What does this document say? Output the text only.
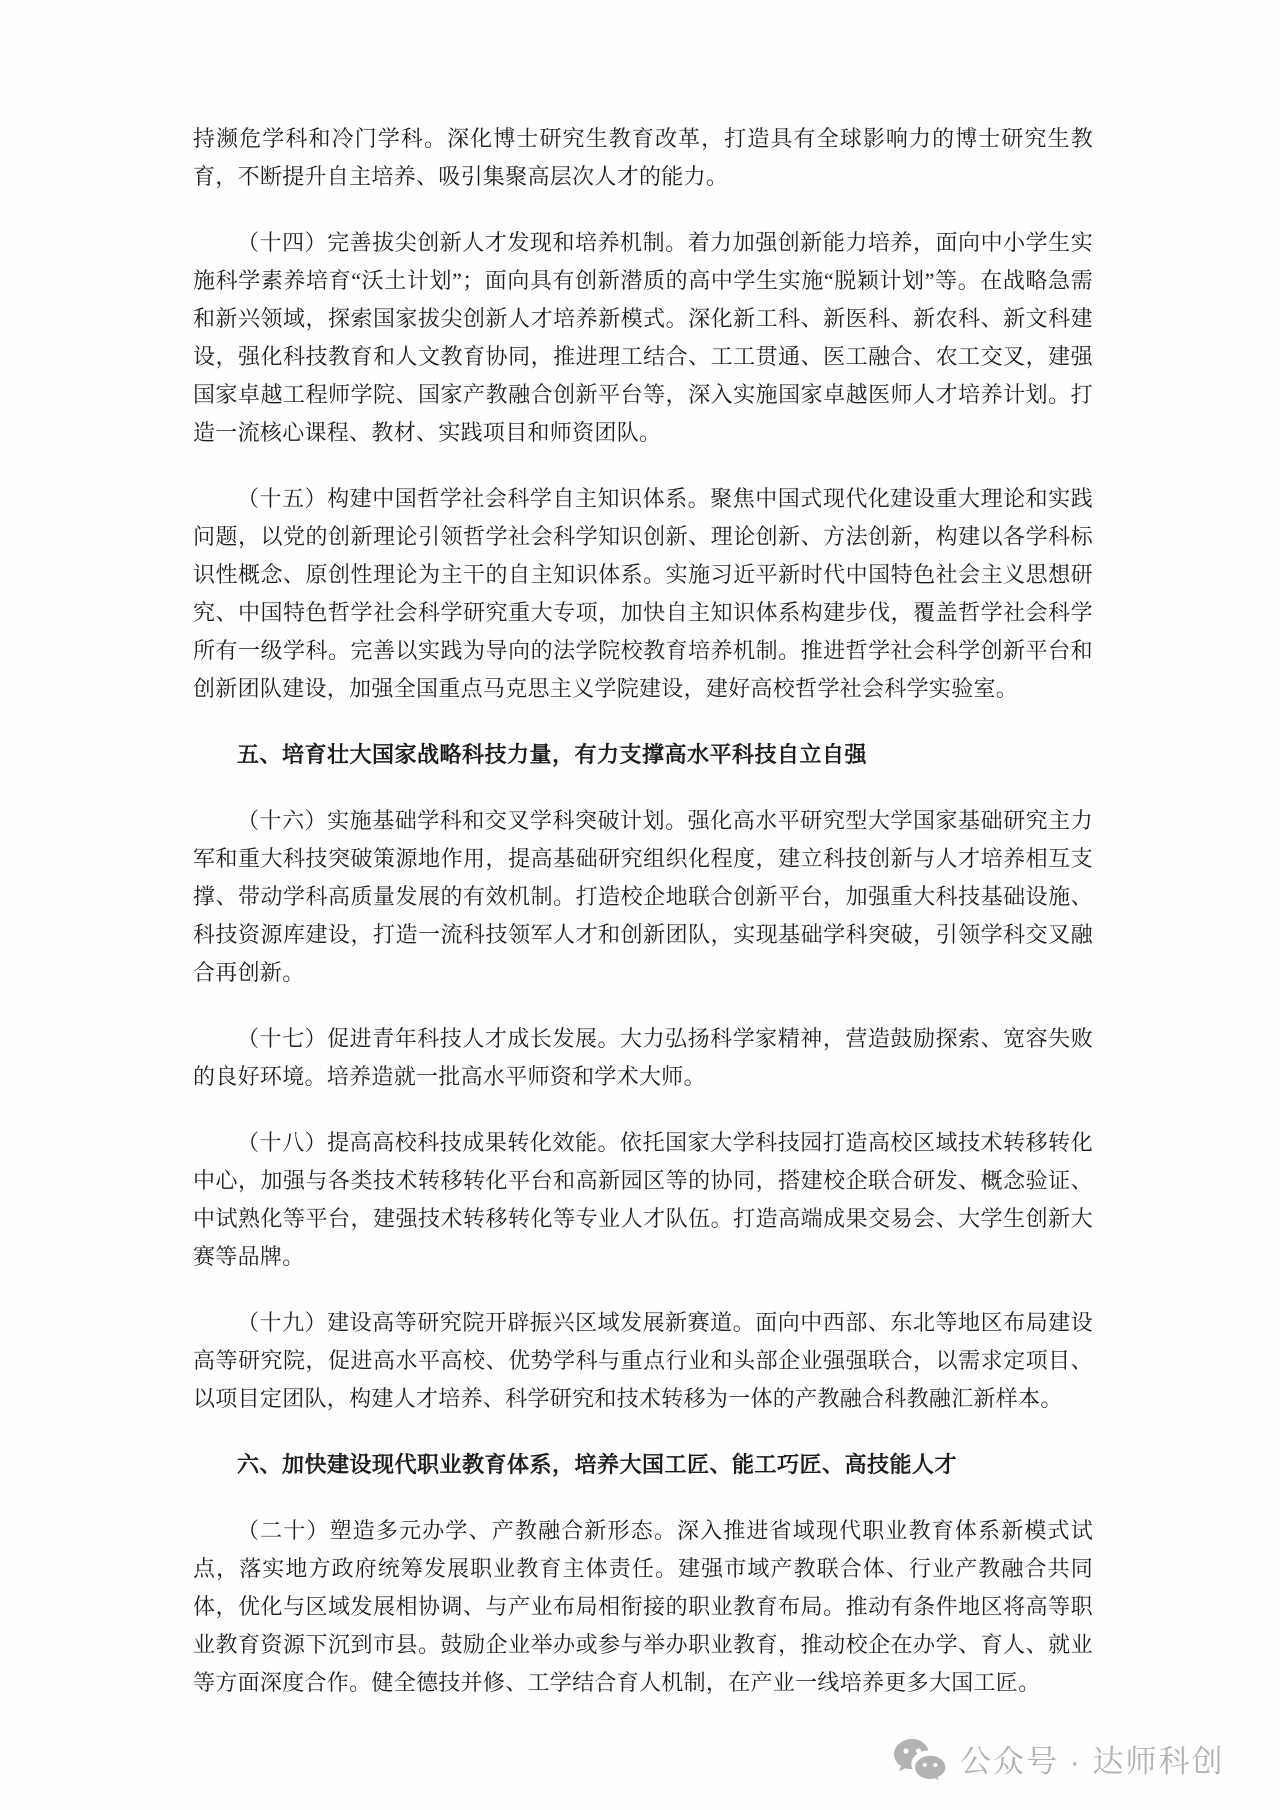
持濒危学科和冷门学科。深化博士研究生教育改革，打造具有全球影响力的博士研究生教育，不断提升自主培养、吸引集聚高层次人才的能力。

（十四）完善拔尖创新人才发现和培养机制。着力加强创新能力培养，面向中小学生实施科学素养培育“沃土计划”；面向具有创新潜质的高中学生实施“脱颖计划”等。在战略急需和新兴领域，探索国家拔尖创新人才培养新模式。深化新工科、新医科、新农科、新文科建设，强化科技教育和人文教育协同，推进理工结合、工工贯通、医工融合、农工交叉，建强国家卓越工程师学院、国家产教融合创新平台等，深入实施国家卓越医师人才培养计划。打造一流核心课程、教材、实践项目和师资团队。

（十五）构建中国哲学社会科学自主知识体系。聚焦中国式现代化建设重大理论和实践问题，以党的创新理论引领哲学社会科学知识创新、理论创新、方法创新，构建以各学科标识性概念、原创性理论为主干的自主知识体系。实施习近平新时代中国特色社会主义思想研究、中国特色哲学社会科学研究重大专项，加快自主知识体系构建步伐，覆盖哲学社会科学所有一级学科。完善以实践为导向的法学院校教育培养机制。推进哲学社会科学创新平台和创新团队建设，加强全国重点马克思主义学院建设，建好高校哲学社会科学实验室。

五、培育壮大国家战略科技力量，有力支撑高水平科技自立自强

（十六）实施基础学科和交叉学科突破计划。强化高水平研究型大学国家基础研究主力军和重大科技突破策源地作用，提高基础研究组织化程度，建立科技创新与人才培养相互支撑、带动学科高质量发展的有效机制。打造校企地联合创新平台，加强重大科技基础设施、科技资源库建设，打造一流科技领军人才和创新团队，实现基础学科突破，引领学科交叉融合再创新。

（十七）促进青年科技人才成长发展。大力弘扬科学家精神，营造鼓励探索、宽容失败的良好环境。培养造就一批高水平师资和学术大师。

（十八）提高高校科技成果转化效能。依托国家大学科技园打造高校区域技术转移转化中心，加强与各类技术转移转化平台和高新园区等的协同，搭建校企联合研发、概念验证、中试熟化等平台，建强技术转移转化等专业人才队伍。打造高端成果交易会、大学生创新大赛等品牌。

（十九）建设高等研究院开辟振兴区域发展新赛道。面向中西部、东北等地区布局建设高等研究院，促进高水平高校、优势学科与重点行业和头部企业强强联合，以需求定项目、以项目定团队，构建人才培养、科学研究和技术转移为一体的产教融合科教融汇新样本。

六、加快建设现代职业教育体系，培养大国工匠、能工巧匠、高技能人才

（二十）塑造多元办学、产教融合新形态。深入推进省域现代职业教育体系新模式试点，落实地方政府统筹发展职业教育主体责任。建强市域产教联合体、行业产教融合共同体，优化与区域发展相协调、与产业布局相衔接的职业教育布局。推动有条件地区将高等职业教育资源下沉到市县。鼓励企业举办或参与举办职业教育，推动校企在办学、育人、就业等方面深度合作。健全德技并修、工学结合育人机制，在产业一线培养更多大国工匠。

公众号 · 达师科创
